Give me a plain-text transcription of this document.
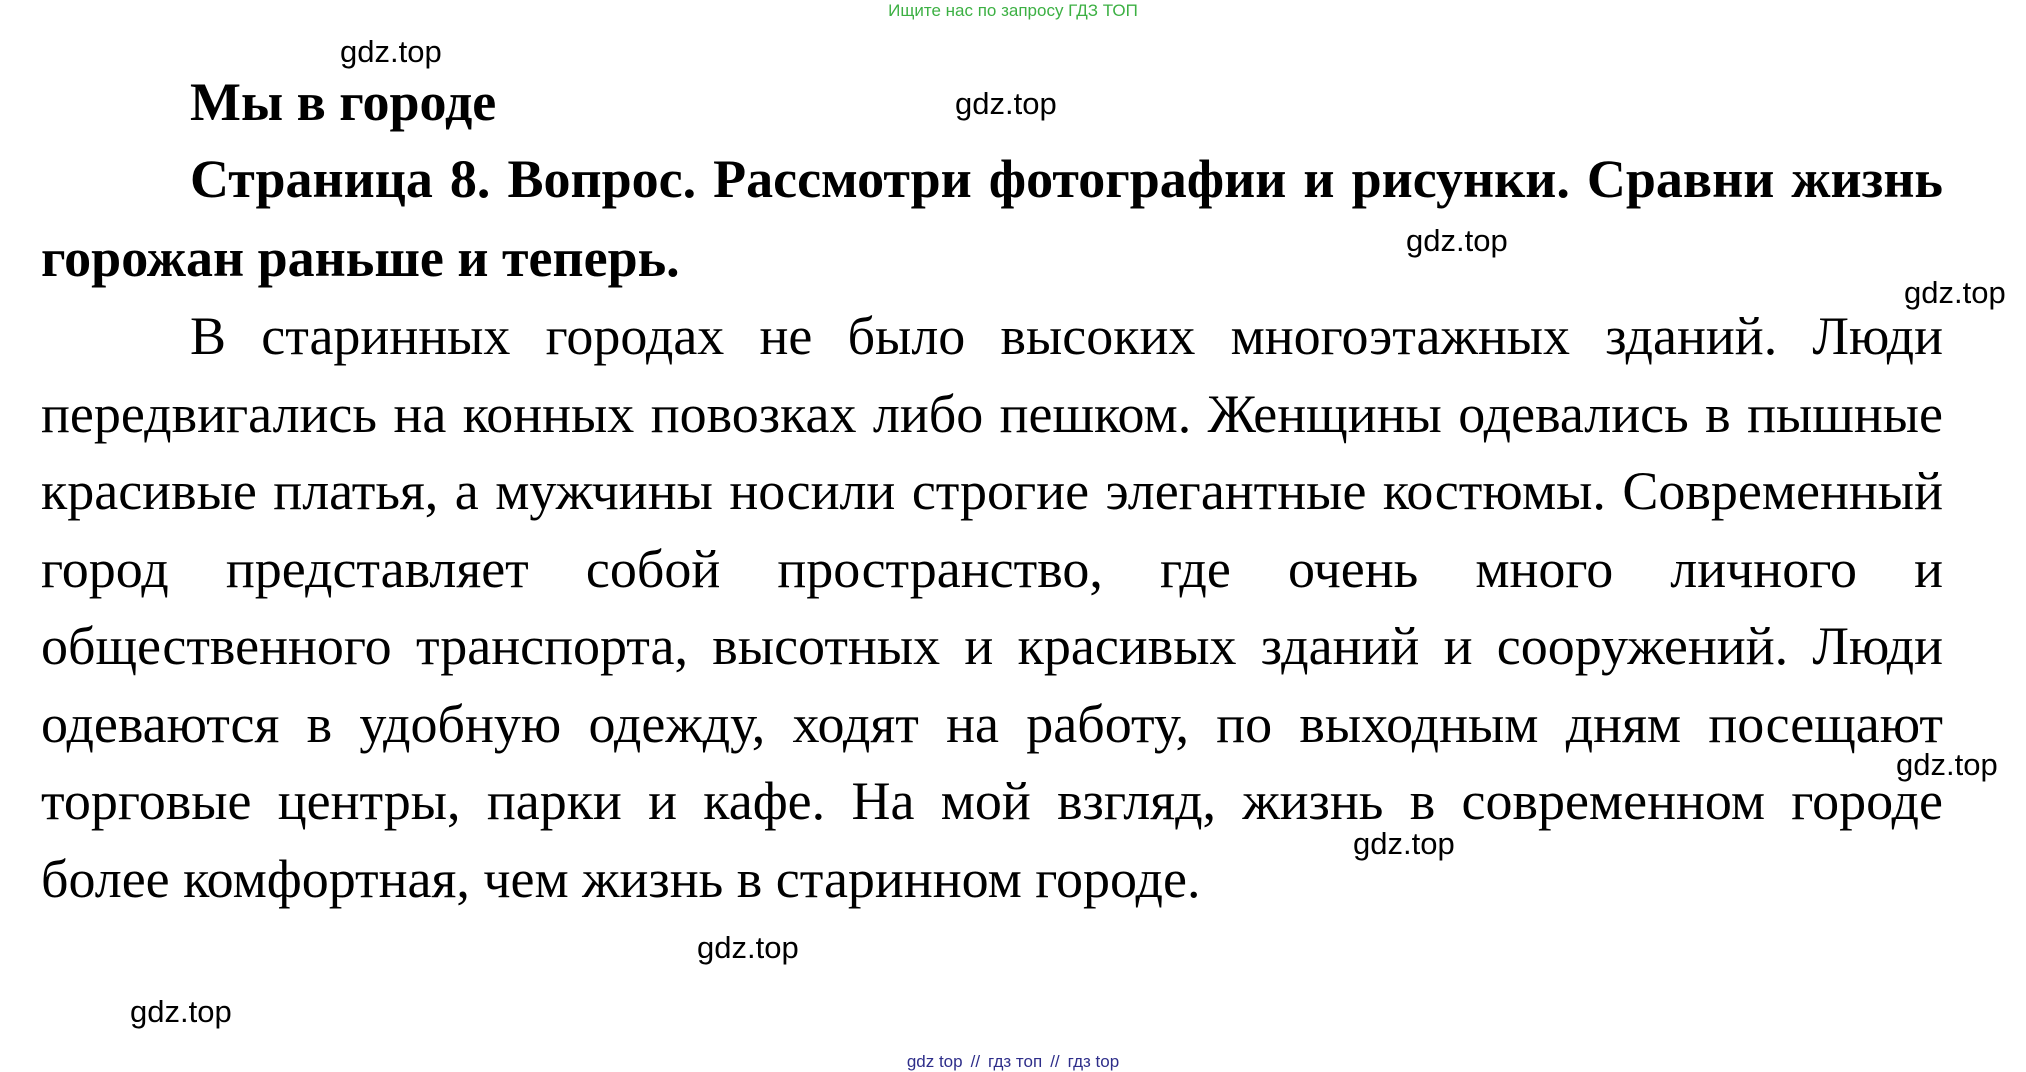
Ищите нас по запросу ГДЗ ТОП
gdz.top
gdz.top
gdz.top
gdz.top
gdz.top
gdz.top
gdz.top
gdz.top
Мы в городе

Страница 8. Вопрос. Рассмотри фотографии и рисунки. Сравни жизнь горожан раньше и теперь.

В старинных городах не было высоких многоэтажных зданий. Люди передвигались на конных повозках либо пешком. Женщины одевались в пышные красивые платья, а мужчины носили строгие элегантные костюмы. Современный город представляет собой пространство, где очень много личного и общественного транспорта, высотных и красивых зданий и сооружений. Люди одеваются в удобную одежду, ходят на работу, по выходным дням посещают торговые центры, парки и кафе. На мой взгляд, жизнь в современном городе более комфортная, чем жизнь в старинном городе.

gdz top // гдз топ // гдз top
